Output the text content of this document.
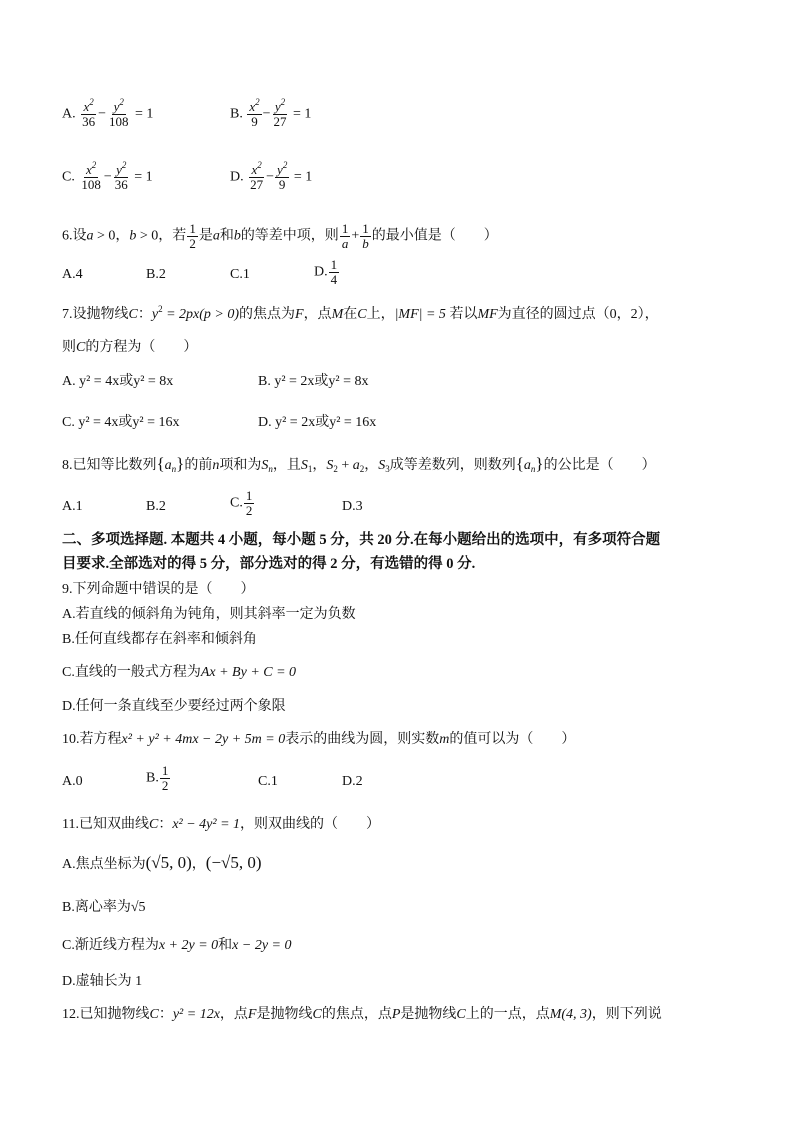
A. $\frac{x^2}{36} - \frac{y^2}{108} = 1$	B. $\frac{x^2}{9} - \frac{y^2}{27} = 1$
C. $\frac{x^2}{108} - \frac{y^2}{36} = 1$	D. $\frac{x^2}{27} - \frac{y^2}{9} = 1$
6.设a > 0，b > 0，若 $\frac{1}{2}$ 是a和b的等差中项，则 $\frac{1}{a} + \frac{1}{b}$ 的最小值是（　　）
A.4	B.2	C.1	D. $\frac{1}{4}$
7.设抛物线C：$y^2 = 2px(p > 0)$的焦点为F，点M在C上，|MF| = 5 若以MF为直径的圆过点（0，2），
则C的方程为（　　）
A. y² = 4x或y² = 8x	B. y² = 2x或y² = 8x
C. y² = 4x或y² = 16x	D. y² = 2x或y² = 16x
8.已知等比数列$\{a_n\}$的前n项和为$S_n$，且$S_1$，$S_2 + a_2$，$S_3$成等差数列，则数列$\{a_n\}$的公比是（　　）
A.1	B.2	C. $\frac{1}{2}$	D.3
二、多项选择题. 本题共 4 小题，每小题 5 分，共 20 分.在每小题给出的选项中，有多项符合题
目要求.全部选对的得 5 分，部分选对的得 2 分，有选错的得 0 分.
9.下列命题中错误的是（　　）
A.若直线的倾斜角为钝角，则其斜率一定为负数
B.任何直线都存在斜率和倾斜角
C.直线的一般式方程为Ax + By + C = 0
D.任何一条直线至少要经过两个象限
10.若方程x² + y² + 4mx − 2y + 5m = 0表示的曲线为圆，则实数m的值可以为（　　）
A.0	B. $\frac{1}{2}$	C.1	D.2
11.已知双曲线C：x² − 4y² = 1，则双曲线的（　　）
A.焦点坐标为(√5, 0)，(−√5, 0)
B.离心率为√5
C.渐近线方程为x + 2y = 0和x − 2y = 0
D.虚轴长为 1
12.已知抛物线C：y² = 12x，点F是抛物线C的焦点，点P是抛物线C上的一点，点M(4, 3)，则下列说
